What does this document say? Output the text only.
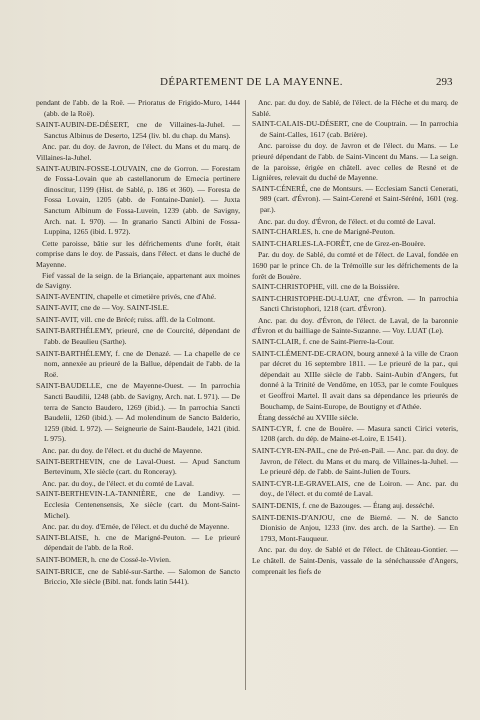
DÉPARTEMENT DE LA MAYENNE.	293

pendant de l'abb. de la Roë. — Prioratus de Frigido-Muro, 1444 (abb. de la Roë).

SAINT-AUBIN-DE-DÉSERT, cne de Villaines-la-Juhel. — Sanctus Albinus de Deserto, 1254 (liv. bl. du chap. du Mans).

Anc. par. du doy. de Javron, de l'élect. du Mans et du marq. de Villaines-la-Juhel.

SAINT-AUBIN-FOSSE-LOUVAIN, cne de Gorron. — Forestam de Fossa-Lovain que ab castellanorum de Ernecia pertinere dinoscitur, 1199 (Hist. de Sablé, p. 186 et 360). — Foresta de Fossa Lovain, 1205 (abb. de Fontaine-Daniel). — Juxta Sanctum Albinum de Fossa-Luvein, 1239 (abb. de Savigny, Arch. nat. L 970). — In granario Sancti Albini de Fossa-Luppina, 1265 (ibid. L 972).

Cette paroisse, bâtie sur les défrichements d'une forêt, était comprise dans le doy. de Passais, dans l'élect. et dans le duché de Mayenne.

Fief vassal de la seign. de la Briançaie, appartenant aux moines de Savigny.

SAINT-AVENTIN, chapelle et cimetière privés, cne d'Ahé.

SAINT-AVIT, cne de — Voy. SAINT-ISLE.

SAINT-AVIT, vill. cne de Brécé; ruiss. affl. de la Colmont.

SAINT-BARTHÉLEMY, prieuré, cne de Courcité, dépendant de l'abb. de Beaulieu (Sarthe).

SAINT-BARTHÉLEMY, f. cne de Denazé. — La chapelle de ce nom, annexée au prieuré de la Ballue, dépendait de l'abb. de la Roë.

SAINT-BAUDELLE, cne de Mayenne-Ouest. — In parrochia Sancti Baudilii, 1248 (abb. de Savigny, Arch. nat. L 971). — De terra de Sancto Baudero, 1269 (ibid.). — In parrochia Sancti Baudelii, 1260 (ibid.). — Ad molendinum de Sancto Balderio, 1259 (ibid. L 972). — Seigneurie de Saint-Baudele, 1421 (ibid. L 975).

Anc. par. du doy. de l'élect. et du duché de Mayenne.

SAINT-BERTHEVIN, cne de Laval-Ouest. — Apud Sanctum Bertevinum, XIe siècle (cart. du Ronceray).

Anc. par. du doy., de l'élect. et du comté de Laval.

SAINT-BERTHEVIN-LA-TANNIÈRE, cne de Landivy. — Ecclesia Centenensensis, Xe siècle (cart. du Mont-Saint-Michel).

Anc. par. du doy. d'Ernée, de l'élect. et du duché de Mayenne.

SAINT-BLAISE, h. cne de Marigné-Peuton. — Le prieuré dépendait de l'abb. de la Roë.

SAINT-BOMER, h. cne de Cossé-le-Vivien.

SAINT-BRICE, cne de Sablé-sur-Sarthe. — Salomon de Sancto Bricciо, XIe siècle (Bibl. nat. fonds latin 5441).

Anc. par. du doy. de Sablé, de l'élect. de la Flèche et du marq. de Sablé.

SAINT-CALAIS-DU-DÉSERT, cne de Couptrain. — In parrochia de Saint-Calles, 1617 (cab. Brière).

Anc. paroisse du doy. de Javron et de l'élect. du Mans. — Le prieuré dépendant de l'abb. de Saint-Vincent du Mans. — La seign. de la paroisse, érigée en châtell. avec celles de Resné et de Lignières, relevait du duché de Mayenne.

SAINT-CÉNERÉ, cne de Montsurs. — Ecclesiam Sancti Cenerati, 989 (cart. d'Évron). — Saint-Cerené et Saint-Séréné, 1601 (reg. par.).

Anc. par. du doy. d'Évron, de l'élect. et du comté de Laval.

SAINT-CHARLES, h. cne de Marigné-Peuton.

SAINT-CHARLES-LA-FORÊT, cne de Grez-en-Bouère.

Par. du doy. de Sablé, du comté et de l'élect. de Laval, fondée en 1690 par le prince Ch. de la Trémoïlle sur les défrichements de la forêt de Bouère.

SAINT-CHRISTOPHE, vill. cne de la Boissière.

SAINT-CHRISTOPHE-DU-LUAT, cne d'Évron. — In parrochia Sancti Christophori, 1218 (cart. d'Évron).

Anc. par. du doy. d'Évron, de l'élect. de Laval, de la baronnie d'Évron et du bailliage de Sainte-Suzanne. — Voy. LUAT (Le).

SAINT-CLAIR, f. cne de Saint-Pierre-la-Cour.

SAINT-CLÉMENT-DE-CRAON, bourg annexé à la ville de Craon par décret du 16 septembre 1811. — Le prieuré de la par., qui dépendait au XIIIe siècle de l'abb. Saint-Aubin d'Angers, fut donné à la Trinité de Vendôme, en 1053, par le comte Foulques et Geoffroi Martel. Il avait dans sa dépendance les prieurés de Bouchamp, de Saint-Europe, de Boutigny et d'Athée.

Étang desséché au XVIIIe siècle.

SAINT-CYR, f. cne de Bouère. — Masura sancti Cirici veteris, 1208 (arch. du dép. de Maine-et-Loire, E 1541).

SAINT-CYR-EN-PAIL, cne de Pré-en-Pail. — Anc. par. du doy. de Javron, de l'élect. du Mans et du marq. de Villaines-la-Juhel. — Le prieuré dép. de l'abb. de Saint-Julien de Tours.

SAINT-CYR-LE-GRAVELAIS, cne de Loiron. — Anc. par. du doy., de l'élect. et du comté de Laval.

SAINT-DENIS, f. cne de Bazouges. — Étang auj. desséché.

SAINT-DENIS-D'ANJOU, cne de Bierné. — N. de Sancto Dionisio de Anjou, 1233 (inv. des arch. de la Sarthe). — En 1793, Mont-Fauqueur.

Anc. par. du doy. de Sablé et de l'élect. de Château-Gontier. — Le châtell. de Saint-Denis, vassale de la sénéchaussée d'Angers, comprenait les fiefs de
